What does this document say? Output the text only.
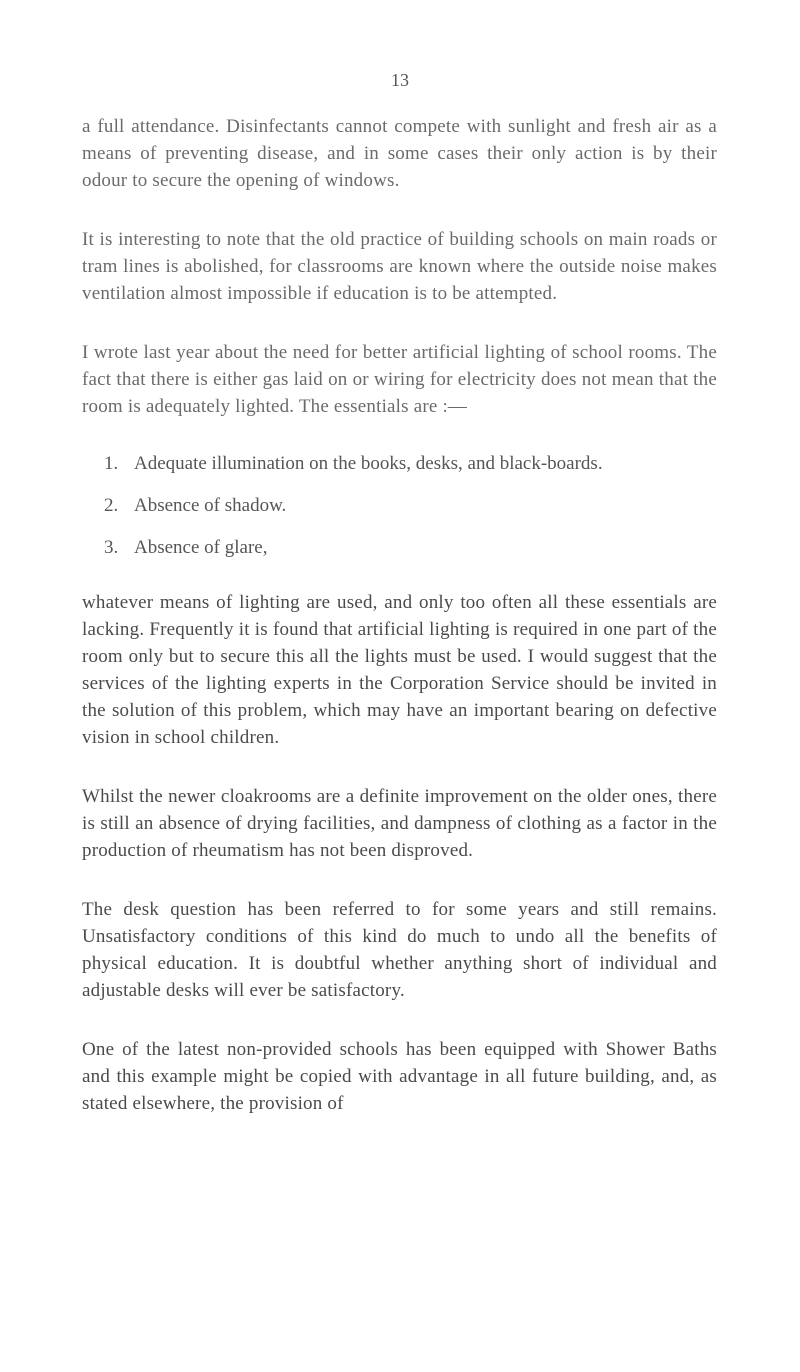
13

a full attendance. Disinfectants cannot compete with sunlight and fresh air as a means of preventing disease, and in some cases their only action is by their odour to secure the opening of windows.

It is interesting to note that the old practice of building schools on main roads or tram lines is abolished, for classrooms are known where the outside noise makes ventilation almost impossible if education is to be attempted.

I wrote last year about the need for better artificial lighting of school rooms. The fact that there is either gas laid on or wiring for electricity does not mean that the room is adequately lighted. The essentials are :—

1. Adequate illumination on the books, desks, and black-boards.
2. Absence of shadow.
3. Absence of glare,

whatever means of lighting are used, and only too often all these essentials are lacking. Frequently it is found that artificial lighting is required in one part of the room only but to secure this all the lights must be used. I would suggest that the services of the lighting experts in the Corporation Service should be invited in the solution of this problem, which may have an important bearing on defective vision in school children.

Whilst the newer cloakrooms are a definite improvement on the older ones, there is still an absence of drying facilities, and dampness of clothing as a factor in the production of rheumatism has not been disproved.

The desk question has been referred to for some years and still remains. Unsatisfactory conditions of this kind do much to undo all the benefits of physical education. It is doubtful whether anything short of individual and adjustable desks will ever be satisfactory.

One of the latest non-provided schools has been equipped with Shower Baths and this example might be copied with advantage in all future building, and, as stated elsewhere, the provision of
